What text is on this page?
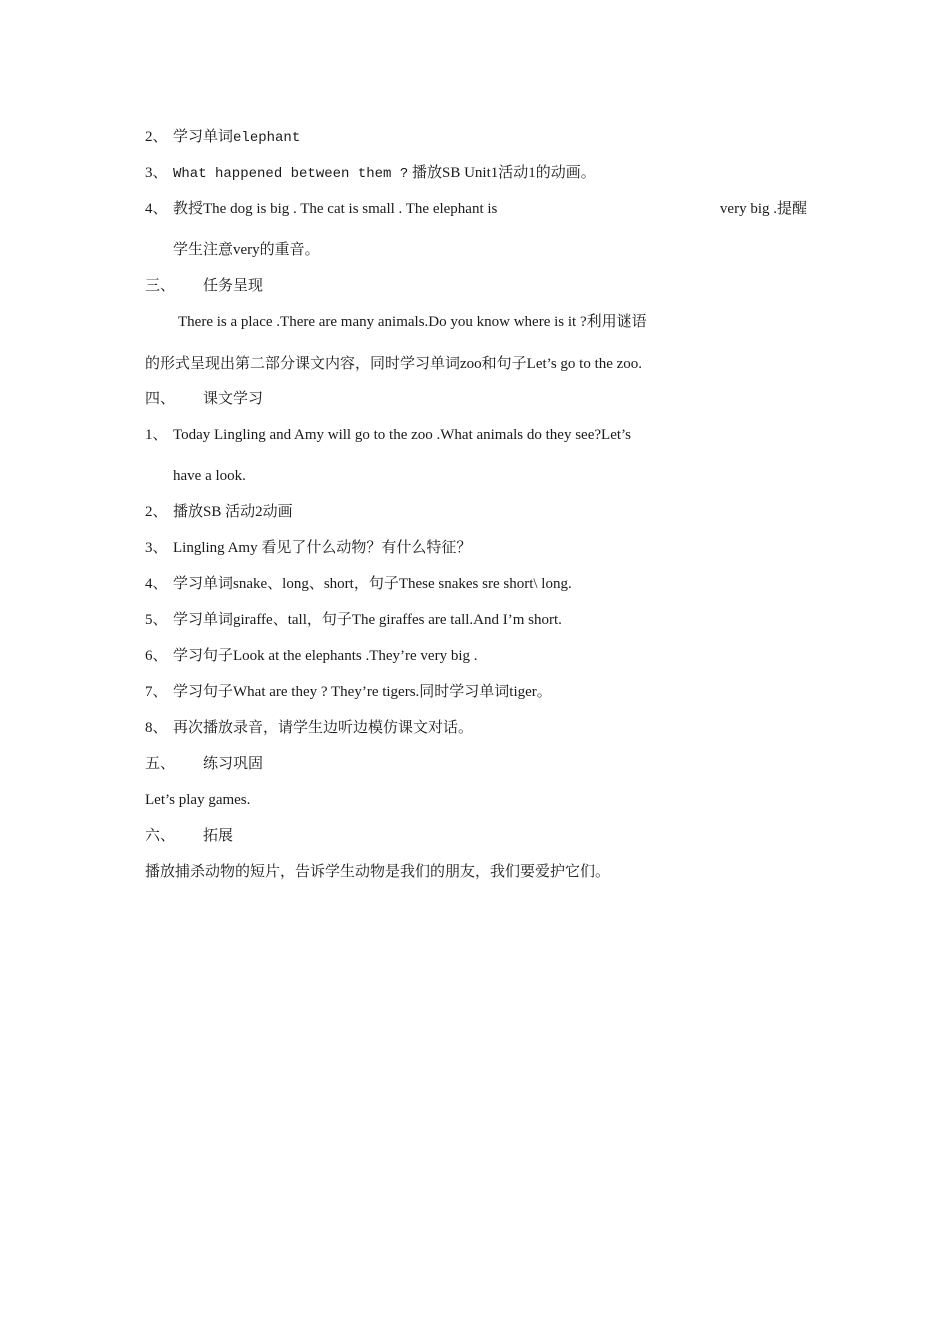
2、 学习单词elephant
3、 What happened between them ? 播放SB Unit1活动1的动画。
4、 教授The dog is big . The cat is small . The elephant is	very big .提醒
学生注意very的重音。
三、 任务呈现
There is a place .There are many animals.Do you know where is it ?利用谜语
的形式呈现出第二部分课文内容，同时学习单词zoo和句子Let’s go to the zoo.
四、 课文学习
1、 Today Lingling and Amy will go to the zoo .What animals do they see?Let’s
have a look.
2、 播放SB 活动2动画
3、 Lingling Amy 看见了什么动物？有什么特征？
4、 学习单词snake、long、short，句子These snakes sre short\ long.
5、 学习单词giraffe、tall，句子The giraffes are tall.And I’m short.
6、 学习句子Look at the elephants .They’re very big .
7、 学习句子What are they ? They’re tigers.同时学习单词tiger。
8、 再次播放录音，请学生边听边模仿课文对话。
五、 练习巩固
Let’s play games.
六、 拓展
播放捕杀动物的短片，告诉学生动物是我们的朋友，我们要爱护它们。
